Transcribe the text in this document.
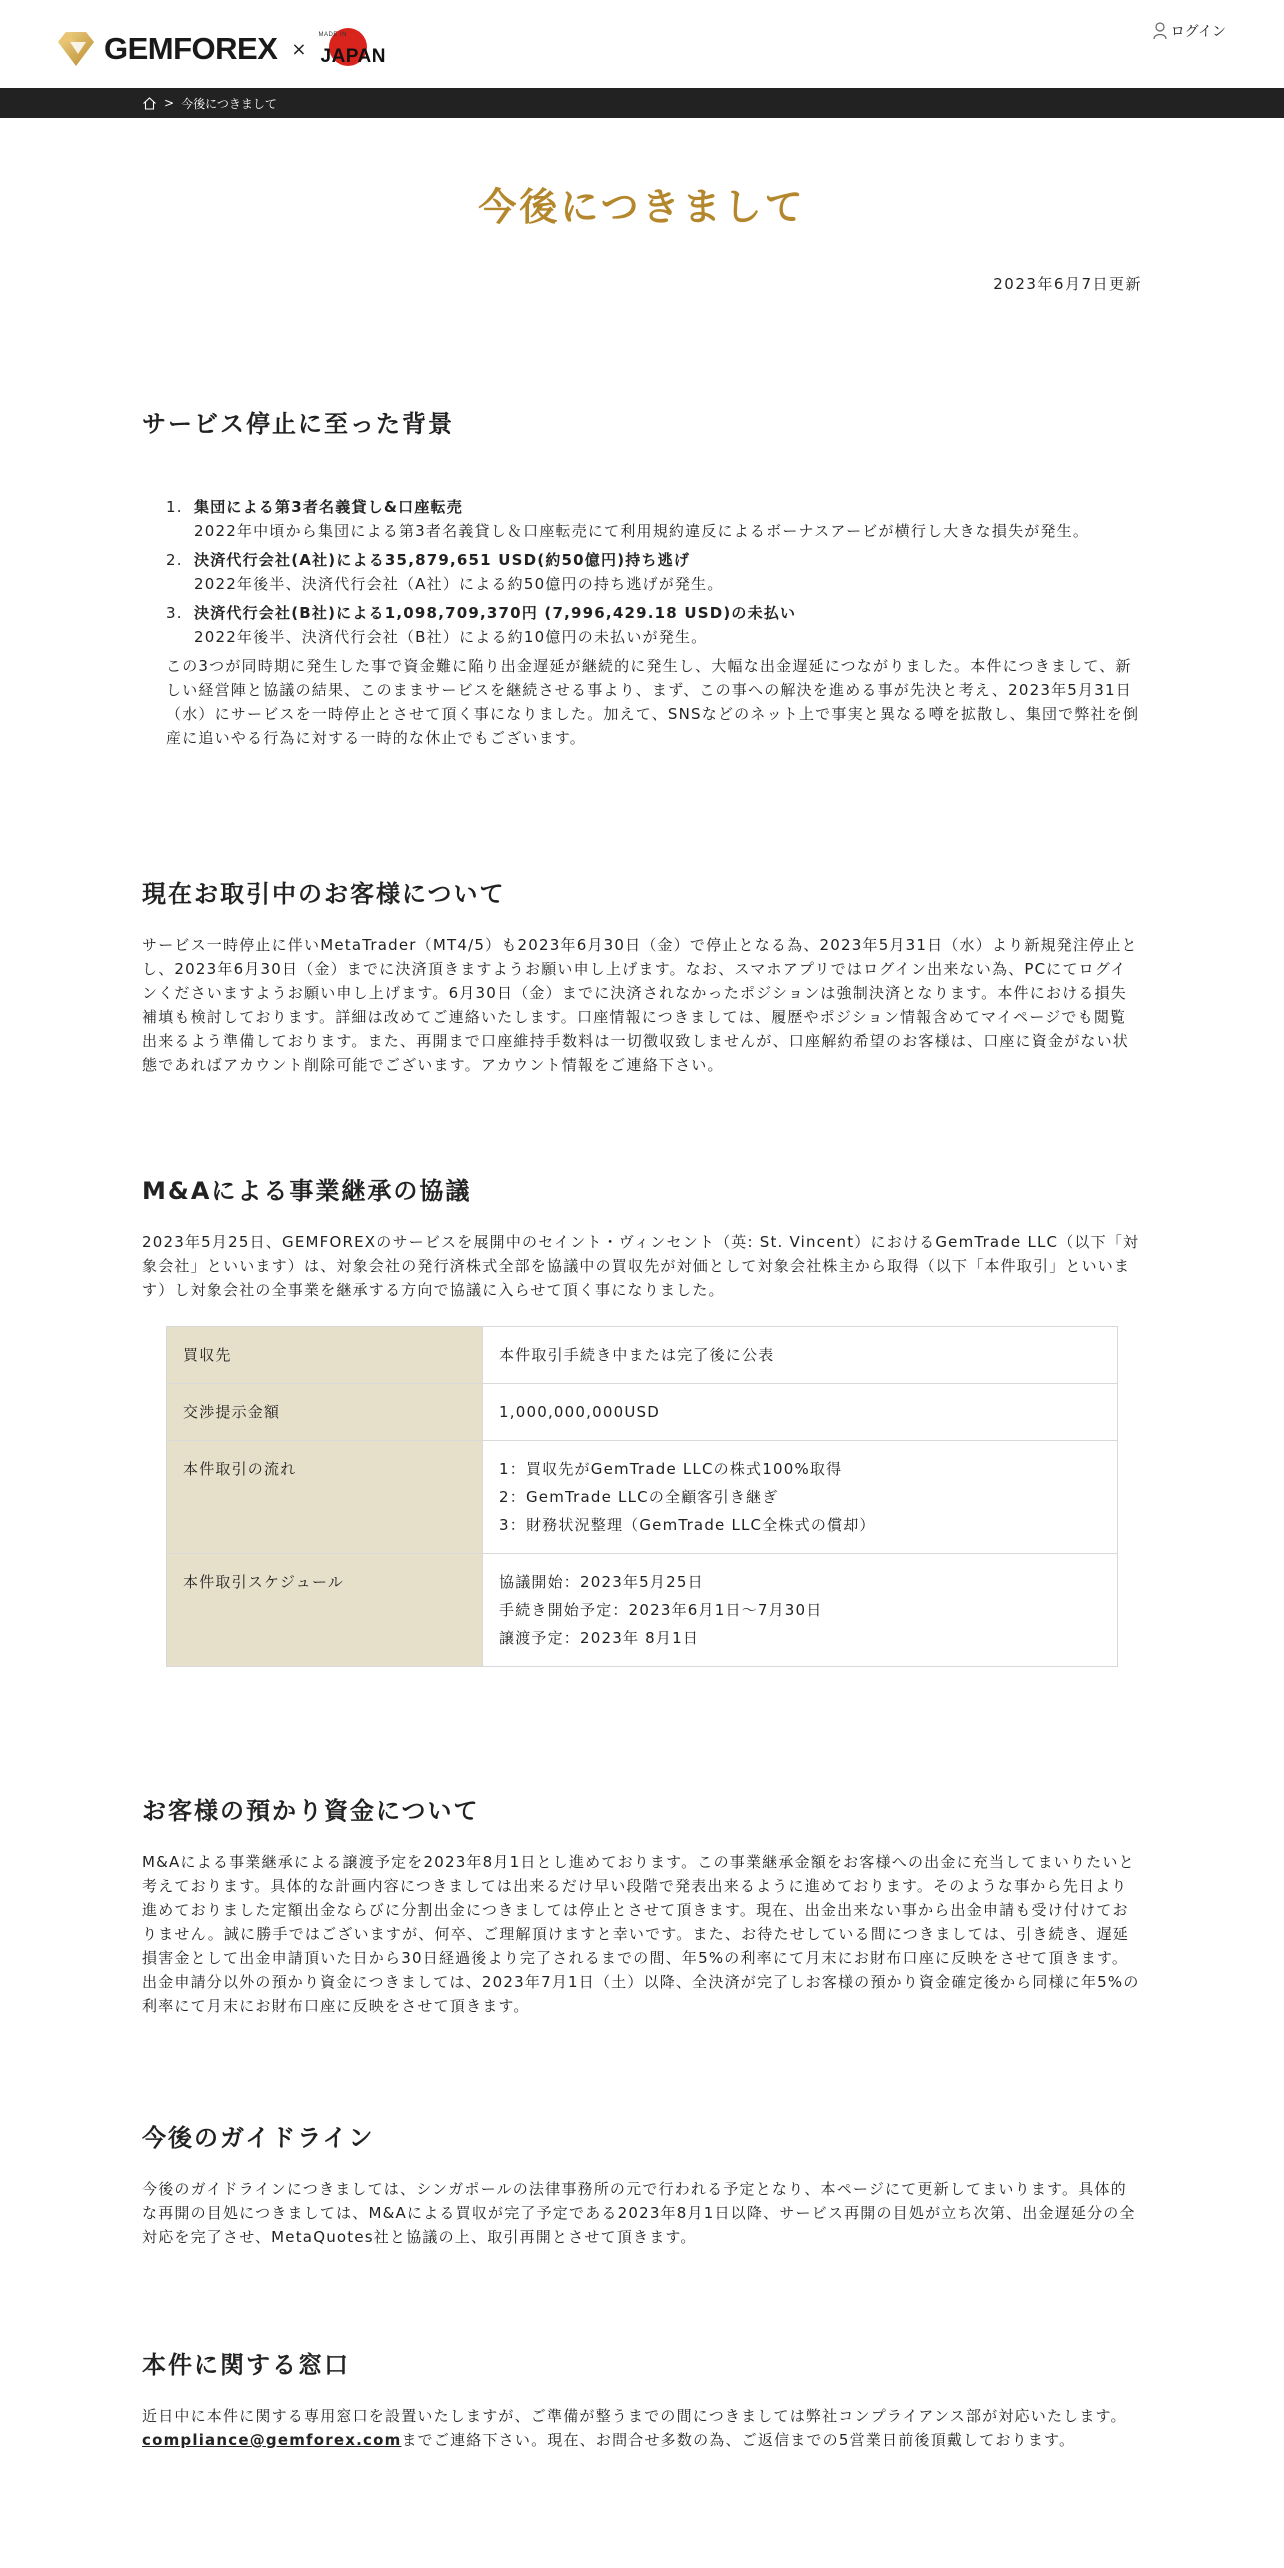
GEMFOREX ×
MADE IN
JAPAN
ログイン
> 今後につきまして
今後につきまして
2023年6月7日更新
サービス停止に至った背景
1. 集団による第3者名義貸し&口座転売
2022年中頃から集団による第3者名義貸し＆口座転売にて利用規約違反によるボーナスアービが横行し大きな損失が発生。
2. 決済代行会社(A社)による35,879,651 USD(約50億円)持ち逃げ
2022年後半、決済代行会社（A社）による約50億円の持ち逃げが発生。
3. 決済代行会社(B社)による1,098,709,370円 (7,996,429.18 USD)の未払い
2022年後半、決済代行会社（B社）による約10億円の未払いが発生。

この3つが同時期に発生した事で資金難に陥り出金遅延が継続的に発生し、大幅な出金遅延につながりました。本件につきまして、新しい経営陣と協議の結果、このままサービスを継続させる事より、まず、この事への解決を進める事が先決と考え、2023年5月31日（水）にサービスを一時停止とさせて頂く事になりました。加えて、SNSなどのネット上で事実と異なる噂を拡散し、集団で弊社を倒産に追いやる行為に対する一時的な休止でもございます。

現在お取引中のお客様について

サービス一時停止に伴いMetaTrader（MT4/5）も2023年6月30日（金）で停止となる為、2023年5月31日（水）より新規発注停止とし、2023年6月30日（金）までに決済頂きますようお願い申し上げます。なお、スマホアプリではログイン出来ない為、PCにてログインくださいますようお願い申し上げます。6月30日（金）までに決済されなかったポジションは強制決済となります。本件における損失補填も検討しております。詳細は改めてご連絡いたします。口座情報につきましては、履歴やポジション情報含めてマイページでも閲覧出来るよう準備しております。また、再開まで口座維持手数料は一切徴収致しませんが、口座解約希望のお客様は、口座に資金がない状態であればアカウント削除可能でございます。アカウント情報をご連絡下さい。

M&Aによる事業継承の協議

2023年5月25日、GEMFOREXのサービスを展開中のセイント・ヴィンセント（英: St. Vincent）におけるGemTrade LLC（以下「対象会社」といいます）は、対象会社の発行済株式全部を協議中の買収先が対価として対象会社株主から取得（以下「本件取引」といいます）し対象会社の全事業を継承する方向で協議に入らせて頂く事になりました。

買収先	本件取引手続き中または完了後に公表

交渉提示金額	1,000,000,000USD

本件取引の流れ	1：買収先がGemTrade LLCの株式100%取得
2：GemTrade LLCの全顧客引き継ぎ
3：財務状況整理（GemTrade LLC全株式の償却）

本件取引スケジュール	協議開始：2023年5月25日
手続き開始予定：2023年6月1日〜7月30日
譲渡予定：2023年 8月1日
お客様の預かり資金について

M&Aによる事業継承による譲渡予定を2023年8月1日とし進めております。この事業継承金額をお客様への出金に充当してまいりたいと考えております。具体的な計画内容につきましては出来るだけ早い段階で発表出来るように進めております。そのような事から先日より進めておりました定額出金ならびに分割出金につきましては停止とさせて頂きます。現在、出金出来ない事から出金申請も受け付けておりません。誠に勝手ではございますが、何卒、ご理解頂けますと幸いです。また、お待たせしている間につきましては、引き続き、遅延損害金として出金申請頂いた日から30日経過後より完了されるまでの間、年5%の利率にて月末にお財布口座に反映をさせて頂きます。出金申請分以外の預かり資金につきましては、2023年7月1日（土）以降、全決済が完了しお客様の預かり資金確定後から同様に年5%の利率にて月末にお財布口座に反映をさせて頂きます。

今後のガイドライン

今後のガイドラインにつきましては、シンガポールの法律事務所の元で行われる予定となり、本ページにて更新してまいります。具体的な再開の目処につきましては、M&Aによる買収が完了予定である2023年8月1日以降、サービス再開の目処が立ち次第、出金遅延分の全対応を完了させ、MetaQuotes社と協議の上、取引再開とさせて頂きます。

本件に関する窓口

近日中に本件に関する専用窓口を設置いたしますが、ご準備が整うまでの間につきましては弊社コンプライアンス部が対応いたします。compliance@gemforex.comまでご連絡下さい。現在、お問合せ多数の為、ご返信までの5営業日前後頂戴しております。
